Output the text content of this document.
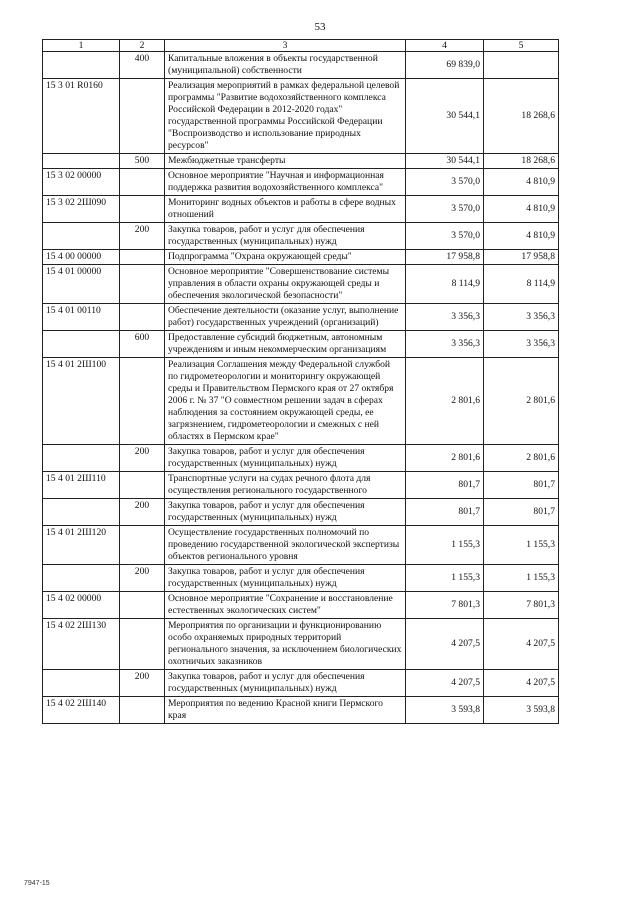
53
1	2	3	4	5
	400	Капитальные вложения в объекты государственной (муниципальной) собственности	69 839,0	
15 3 01 R0160		Реализация мероприятий в рамках федеральной целевой программы "Развитие водохозяйственного комплекса Российской Федерации в 2012-2020 годах" государственной программы Российской Федерации "Воспроизводство и использование природных ресурсов"	30 544,1	18 268,6
	500	Межбюджетные трансферты	30 544,1	18 268,6
15 3 02 00000		Основное мероприятие "Научная и информационная поддержка развития водохозяйственного комплекса"	3 570,0	4 810,9
15 3 02 2Ш090		Мониторинг водных объектов и работы в сфере водных отношений	3 570,0	4 810,9
	200	Закупка товаров, работ и услуг для обеспечения государственных (муниципальных) нужд	3 570,0	4 810,9
15 4 00 00000		Подпрограмма "Охрана окружающей среды"	17 958,8	17 958,8
15 4 01 00000		Основное мероприятие "Совершенствование системы управления в области охраны окружающей среды и обеспечения экологической безопасности"	8 114,9	8 114,9
15 4 01 00110		Обеспечение деятельности (оказание услуг, выполнение работ) государственных учреждений (организаций)	3 356,3	3 356,3
	600	Предоставление субсидий бюджетным, автономным учреждениям и иным некоммерческим организациям	3 356,3	3 356,3
15 4 01 2Ш100		Реализация Соглашения между Федеральной службой по гидрометеорологии и мониторингу окружающей среды и Правительством Пермского края от 27 октября 2006 г. № 37 "О совместном решении задач в сферах наблюдения за состоянием окружающей среды, ее загрязнением, гидрометеорологии и смежных с ней областях в Пермском крае"	2 801,6	2 801,6
	200	Закупка товаров, работ и услуг для обеспечения государственных (муниципальных) нужд	2 801,6	2 801,6
15 4 01 2Ш110		Транспортные услуги на судах речного флота для осуществления регионального государственного	801,7	801,7
	200	Закупка товаров, работ и услуг для обеспечения государственных (муниципальных) нужд	801,7	801,7
15 4 01 2Ш120		Осуществление государственных полномочий по проведению государственной экологической экспертизы объектов регионального уровня	1 155,3	1 155,3
	200	Закупка товаров, работ и услуг для обеспечения государственных (муниципальных) нужд	1 155,3	1 155,3
15 4 02 00000		Основное мероприятие "Сохранение и восстановление естественных экологических систем"	7 801,3	7 801,3
15 4 02 2Ш130		Мероприятия по организации и функционированию особо охраняемых природных территорий регионального значения, за исключением биологических охотничьих заказников	4 207,5	4 207,5
	200	Закупка товаров, работ и услуг для обеспечения государственных (муниципальных) нужд	4 207,5	4 207,5
15 4 02 2Ш140		Мероприятия по ведению Красной книги Пермского края	3 593,8	3 593,8
7947-15
